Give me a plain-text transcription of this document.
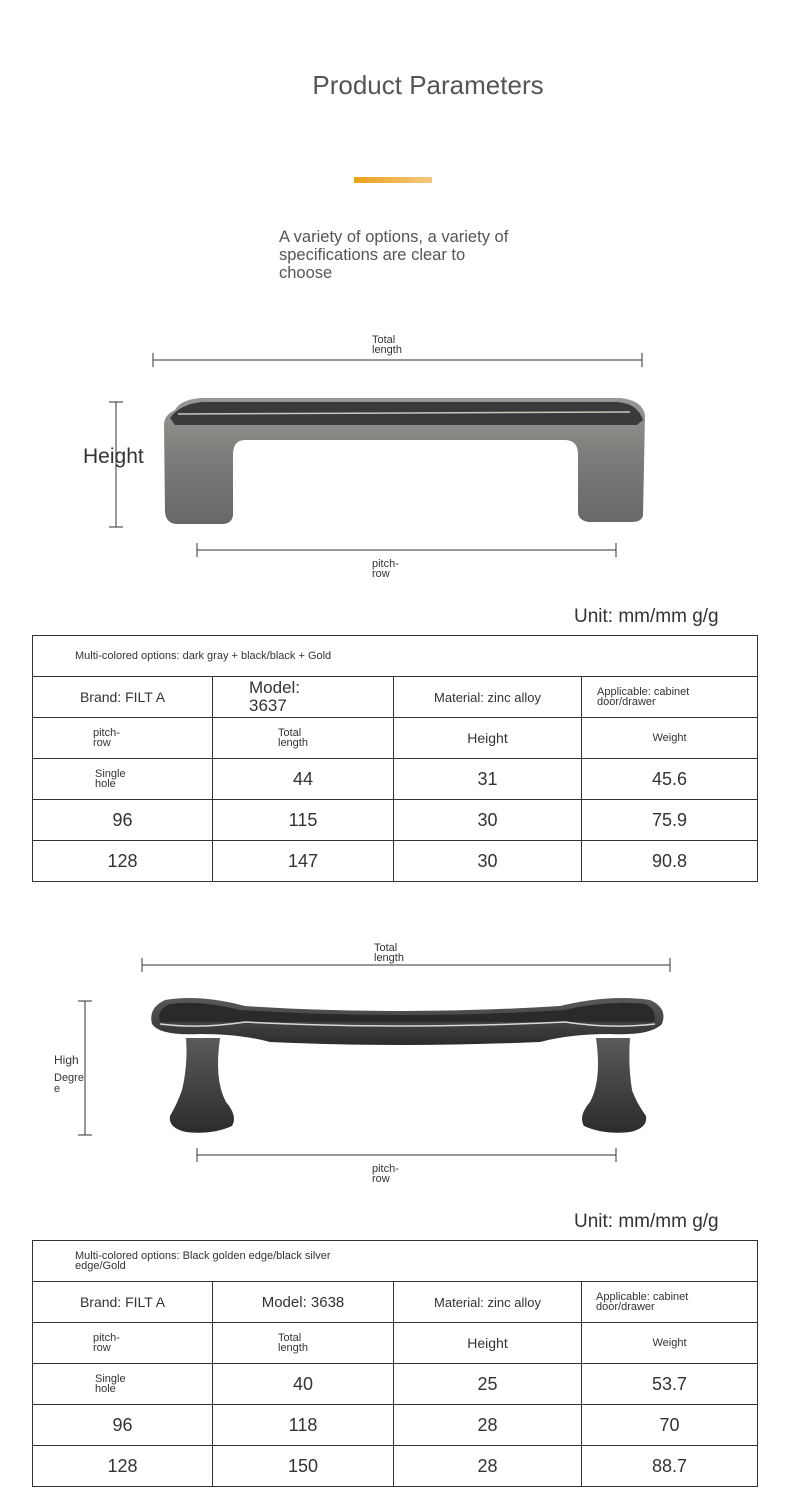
Product Parameters
A variety of options, a variety of specifications are clear to choose
Total length
Height
pitch-row
Unit: mm/mm g/g
Multi-colored options: dark gray + black/black + Gold			
Brand: FILT A	Model: 3637	Material: zinc alloy	Applicable: cabinet door/drawer
pitch-row	Total length	Height	Weight
Single hole	44	31	45.6
96	115	30	75.9
128	147	30	90.8
Total length
High
Degree
pitch-row
Unit: mm/mm g/g
Multi-colored options: Black golden edge/black silver edge/Gold			
Brand: FILT A	Model: 3638	Material: zinc alloy	Applicable: cabinet door/drawer
pitch-row	Total length	Height	Weight
Single hole	40	25	53.7
96	118	28	70
128	150	28	88.7
